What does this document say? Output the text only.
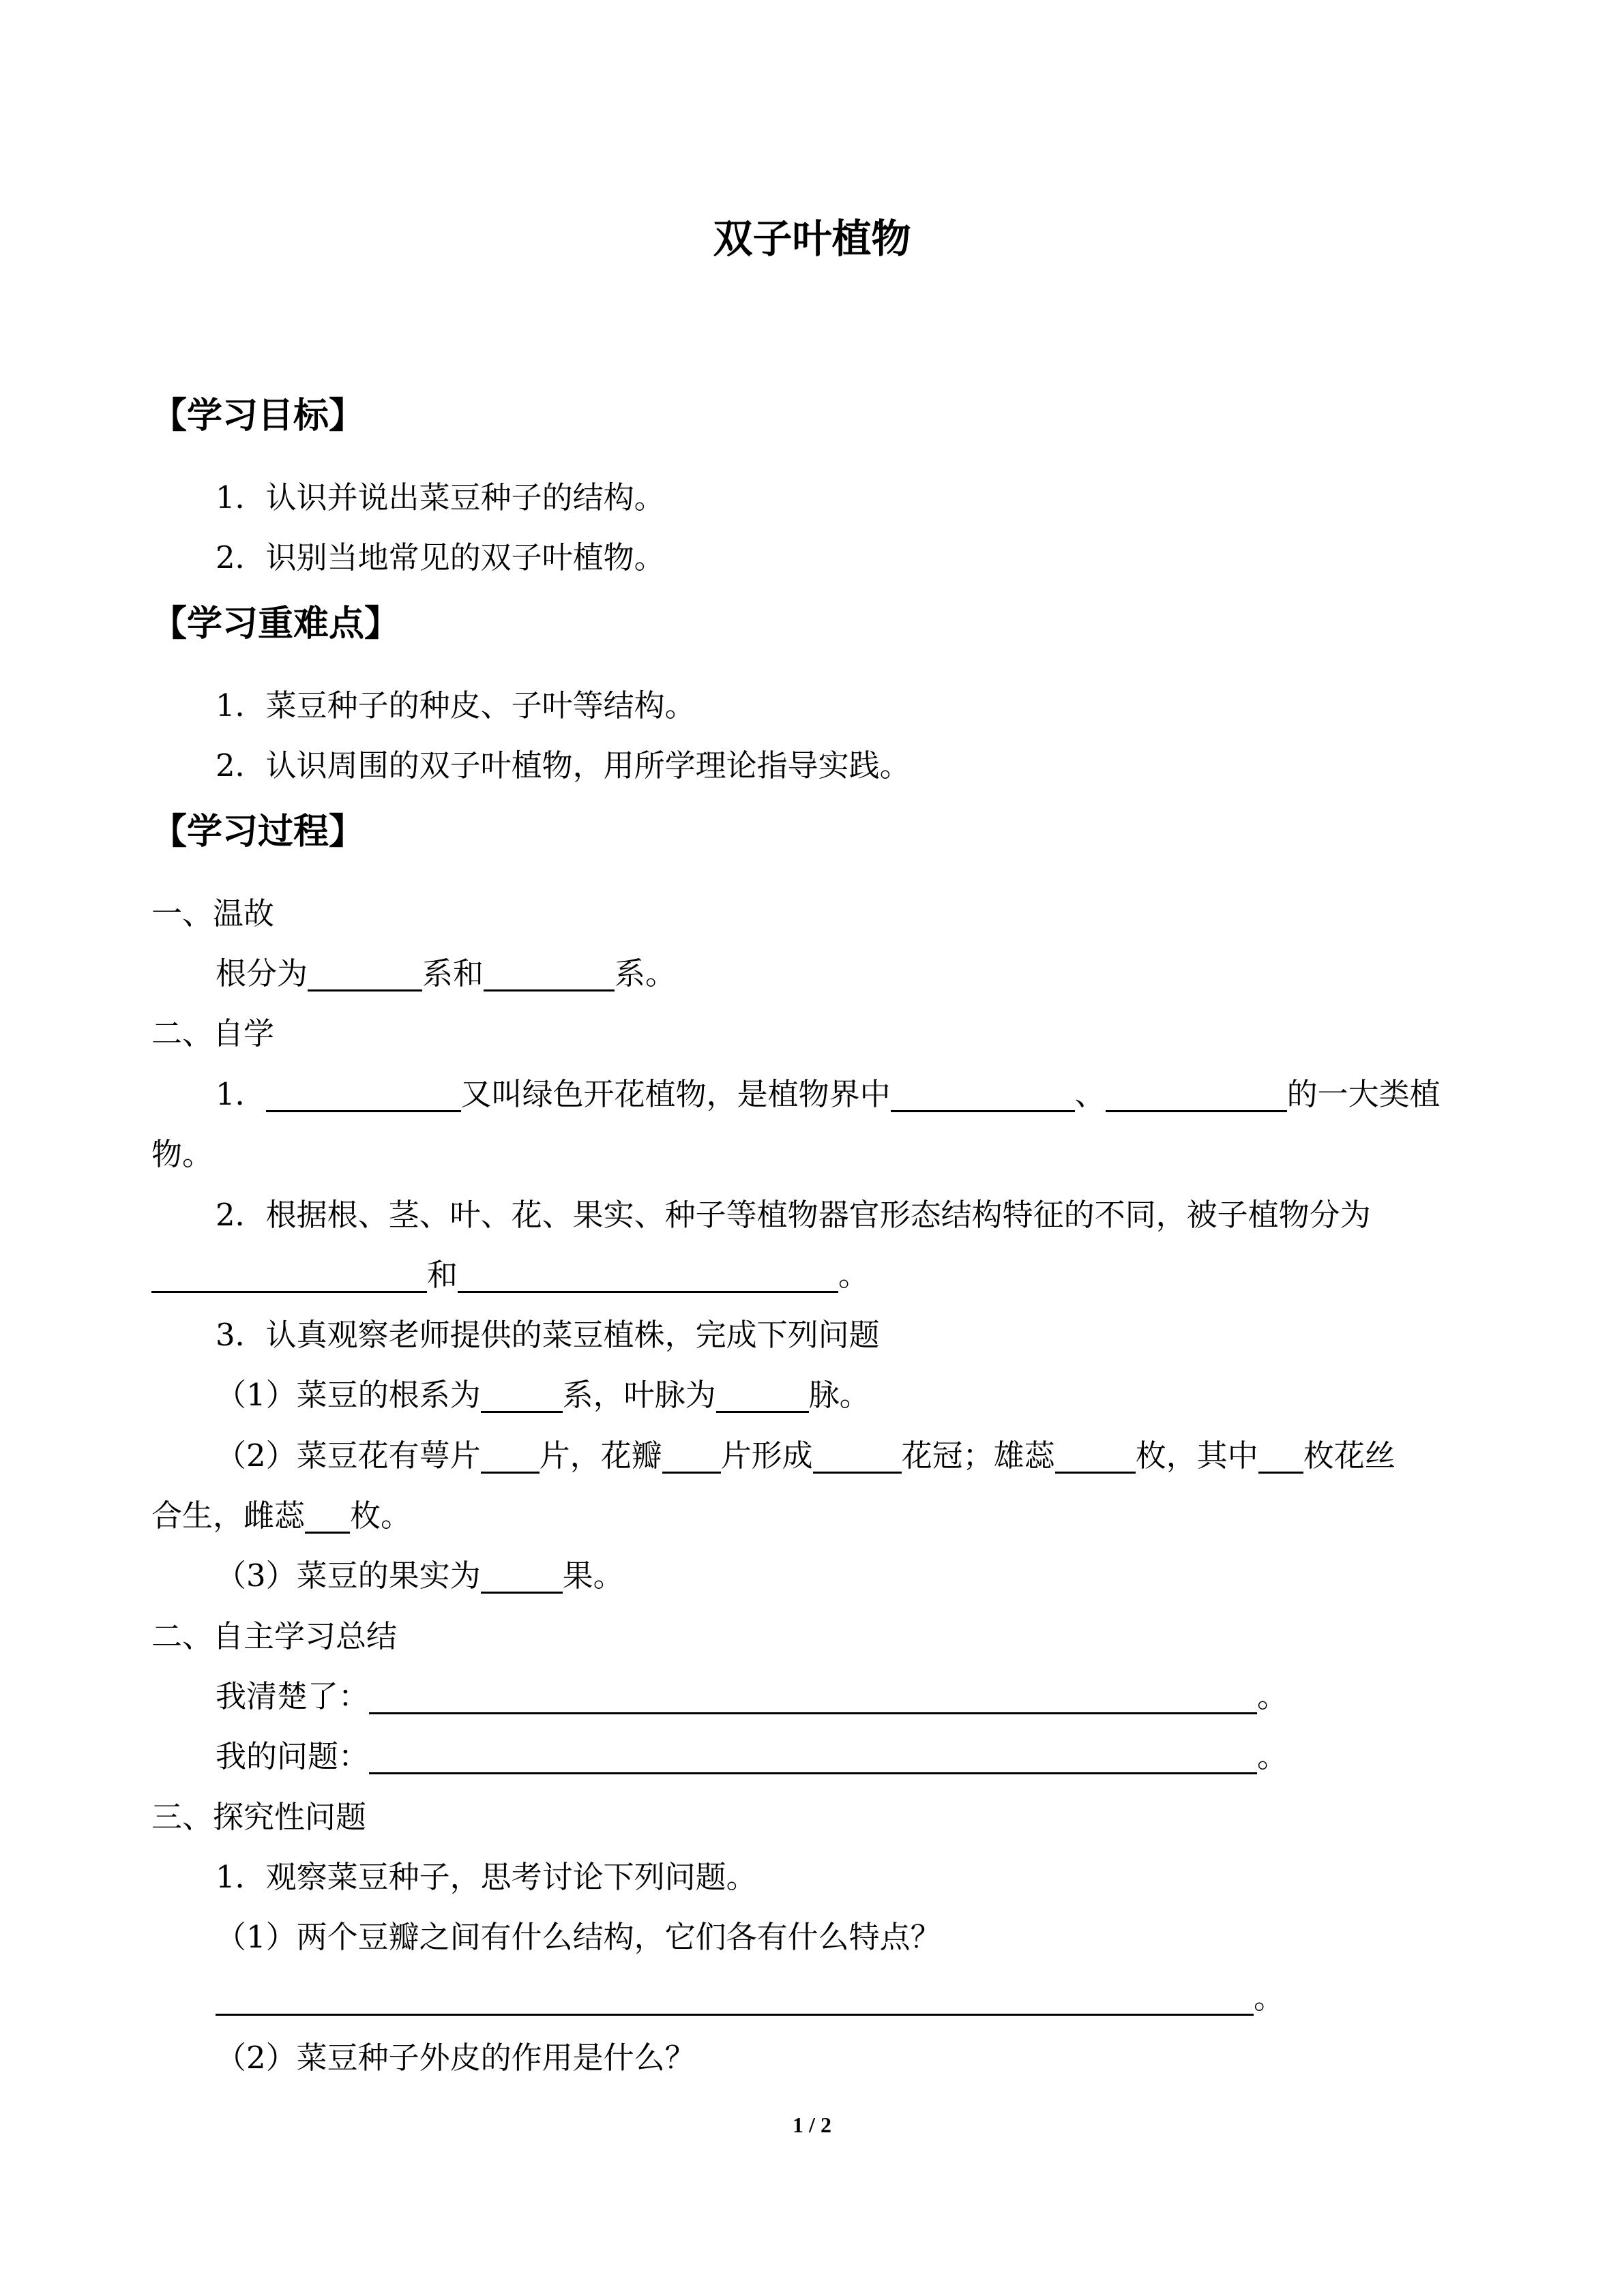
双子叶植物
【学习目标】
1．认识并说出菜豆种子的结构。
2．识别当地常见的双子叶植物。
【学习重难点】
1．菜豆种子的种皮、子叶等结构。
2．认识周围的双子叶植物，用所学理论指导实践。
【学习过程】
一、温故
根分为	系和	系。
二、自学
1．	又叫绿色开花植物，是植物界中	、	的一大类植
物。
2．根据根、茎、叶、花、果实、种子等植物器官形态结构特征的不同，被子植物分为
和	。
3．认真观察老师提供的菜豆植株，完成下列问题
（1）菜豆的根系为	系，叶脉为	脉。
（2）菜豆花有萼片 片，花瓣 片形成	花冠；雄蕊	枚，其中 枚花丝
合生，雌蕊 枚。
（3）菜豆的果实为	果。
二、自主学习总结
我清楚了：	。
我的问题：	。
三、探究性问题
1．观察菜豆种子，思考讨论下列问题。
（1）两个豆瓣之间有什么结构，它们各有什么特点？
。
（2）菜豆种子外皮的作用是什么？
1 / 2
